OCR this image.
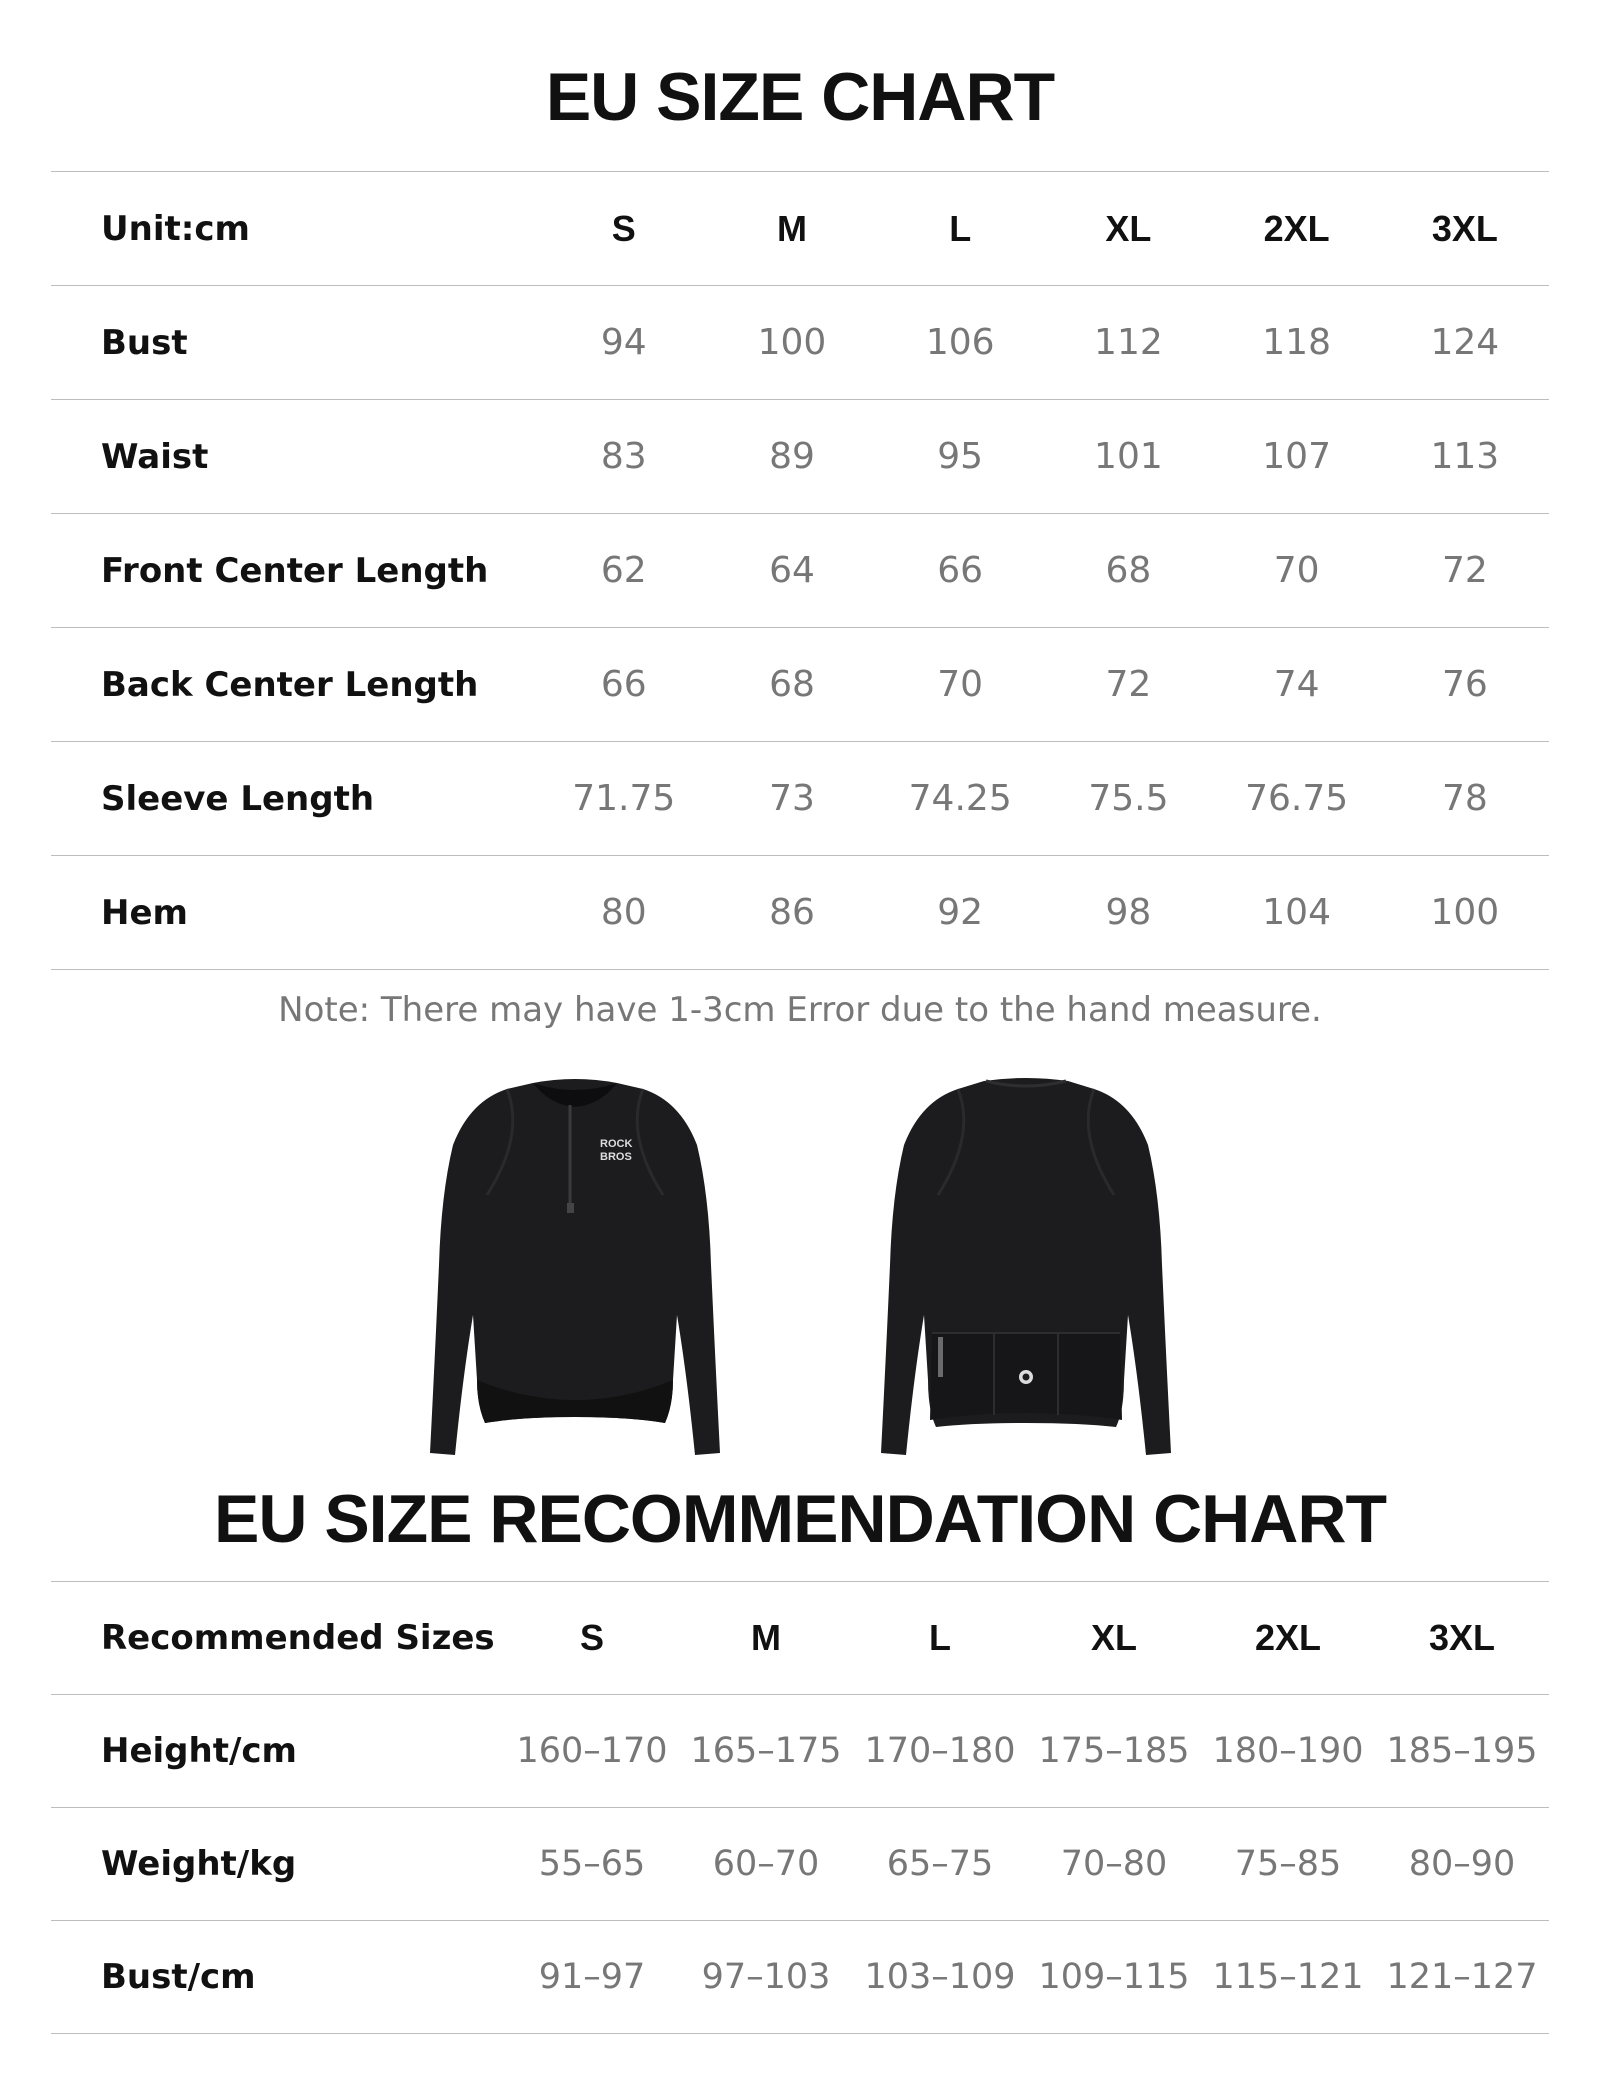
EU SIZE CHART
Unit:cm	S	M	L	XL	2XL	3XL
Bust	94	100	106	112	118	124
Waist	83	89	95	101	107	113
Front Center Length	62	64	66	68	70	72
Back Center Length	66	68	70	72	74	76
Sleeve Length	71.75	73	74.25	75.5	76.75	78
Hem	80	86	92	98	104	100
Note: There may have 1-3cm Error due to the hand measure.
ROCK
BROS
EU SIZE RECOMMENDATION CHART
Recommended Sizes	S	M	L	XL	2XL	3XL
Height/cm	160–170	165–175	170–180	175–185	180–190	185–195
Weight/kg	55–65	60–70	65–75	70–80	75–85	80–90
Bust/cm	91–97	97–103	103–109	109–115	115–121	121–127
